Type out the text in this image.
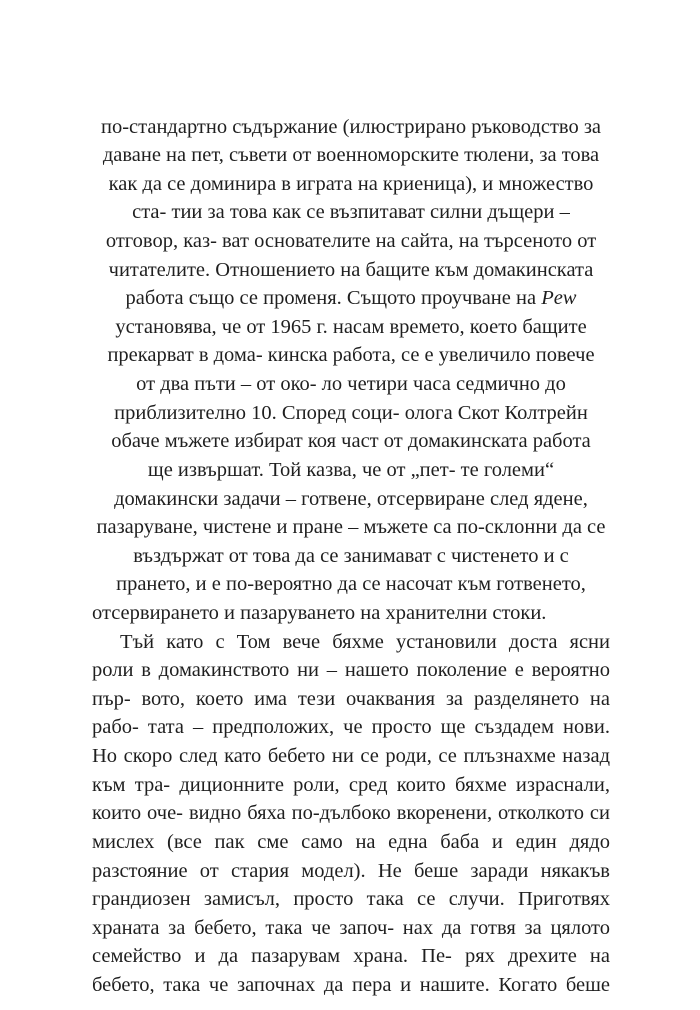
по-стандартно съдържание (илюстрирано ръководство за
даване на пет, съвети от военноморските тюлени, за това
как да се доминира в играта на криеница), и множество
ста- тии за това как се възпитават силни дъщери –
отговор, каз- ват основателите на сайта, на търсеното от
читателите. Отношението на бащите към домакинската
работа също се променя. Същото проучване на Pew
установява, че от 1965 г. насам времето, което бащите
прекарват в дома- кинска работа, се е увеличило повече
от два пъти – от око- ло четири часа седмично до
приблизително 10. Според соци- олога Скот Колтрейн
обаче мъжете избират коя част от домакинската работа
ще извършат. Той казва, че от „пет- те големи“
домакински задачи – готвене, отсервиране след ядене,
пазаруване, чистене и пране – мъжете са по-склонни да се
въздържат от това да се занимават с чистенето и с
прането, и е по-вероятно да се насочат към готвенето,
отсервирането и пазаруването на хранителни стоки.
Тъй като с Том вече бяхме установили доста ясни
роли в домакинството ни – нашето поколение е вероятно
пър- вото, което има тези очаквания за разделянето на
рабо- тата – предположих, че просто ще създадем нови.
Но скоро след като бебето ни се роди, се плъзнахме назад
към тра- диционните роли, сред които бяхме израснали,
които оче- видно бяха по-дълбоко вкоренени, отколкото си
мислех (все пак сме само на една баба и един дядо
разстояние от стария модел). Не беше заради някакъв
грандиозен замисъл, просто така се случи. Приготвях
храната за бебето, така че започ- нах да готвя за цялото
семейство и да пазарувам храна. Пе- рях дрехите на
бебето, така че започнах да пера и нашите. Когато беше
